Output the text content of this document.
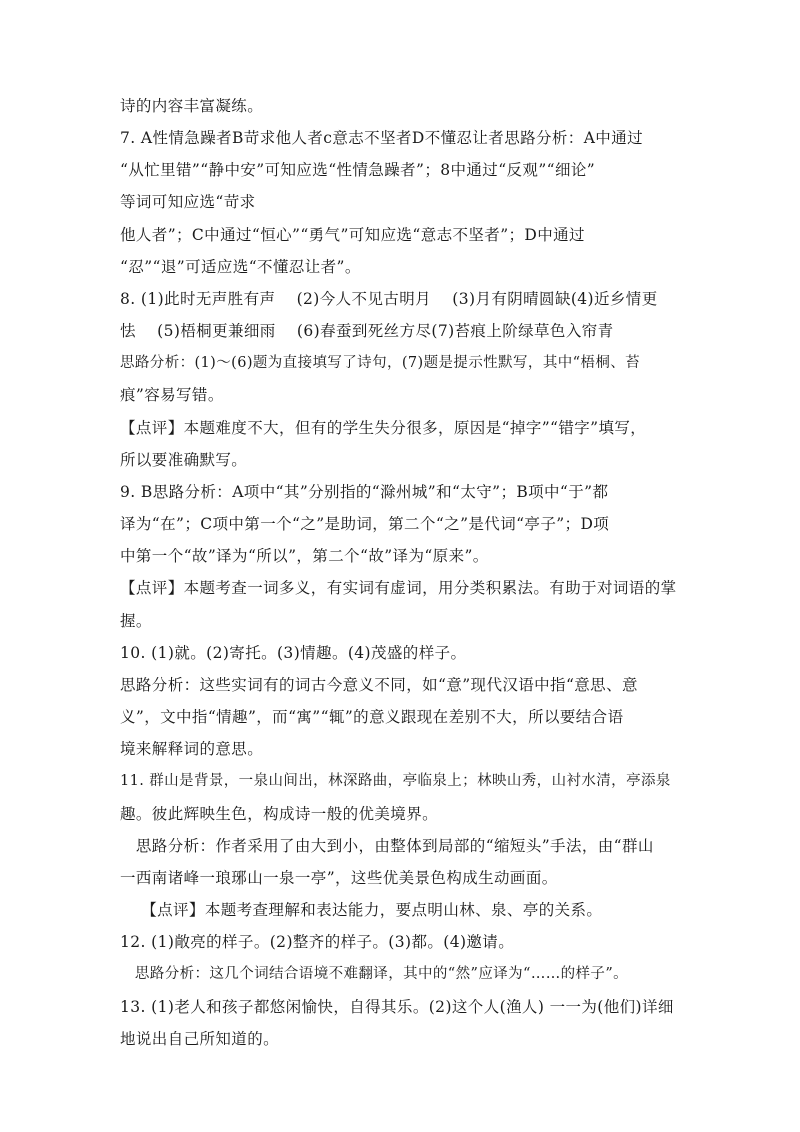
诗的内容丰富凝练。
7. A性情急躁者B苛求他人者c意志不坚者D不懂忍让者思路分析：A中通过
“从忙里错”“静中安”可知应选“性情急躁者”；8中通过“反观”“细论”
等词可知应选“苛求
他人者”；C中通过“恒心”“勇气”可知应选“意志不坚者”；D中通过
“忍”“退”可适应选“不懂忍让者”。
8. (1)此时无声胜有声　 (2)今人不见古明月　 (3)月有阴晴圆缺(4)近乡情更
怯　 (5)梧桐更兼细雨　 (6)春蚕到死丝方尽(7)苔痕上阶绿草色入帘青
思路分析：(1)～(6)题为直接填写了诗句，(7)题是提示性默写，其中“梧桐、苔
痕”容易写错。
【点评】本题难度不大，但有的学生失分很多，原因是“掉字”“错字”填写，
所以要准确默写。
9. B思路分析：A项中“其”分别指的“滁州城”和“太守”；B项中“于”都
译为“在”；C项中第一个“之”是助词，第二个“之”是代词“亭子”；D项
中第一个“故”译为“所以”，第二个“故”译为“原来”。
【点评】本题考查一词多义，有实词有虚词，用分类积累法。有助于对词语的掌
握。
10. (1)就。(2)寄托。(3)情趣。(4)茂盛的样子。
思路分析：这些实词有的词古今意义不同，如“意”现代汉语中指“意思、意
义”，文中指“情趣”，而“寓”“辄”的意义跟现在差别不大，所以要结合语
境来解释词的意思。
11. 群山是背景，一泉山间出，林深路曲，亭临泉上；林映山秀，山衬水清，亭添泉
趣。彼此辉映生色，构成诗一般的优美境界。
　思路分析：作者采用了由大到小，由整体到局部的“缩短头”手法，由“群山
一西南诸峰一琅琊山一泉一亭”，这些优美景色构成生动画面。
　 【点评】本题考查理解和表达能力，要点明山林、泉、亭的关系。
12. (1)敞亮的样子。(2)整齐的样子。(3)都。(4)邀请。
　思路分析：这几个词结合语境不难翻译，其中的“然”应译为“……的样子”。
13. (1)老人和孩子都悠闲愉快，自得其乐。(2)这个人(渔人) 一一为(他们)详细
地说出自己所知道的。
